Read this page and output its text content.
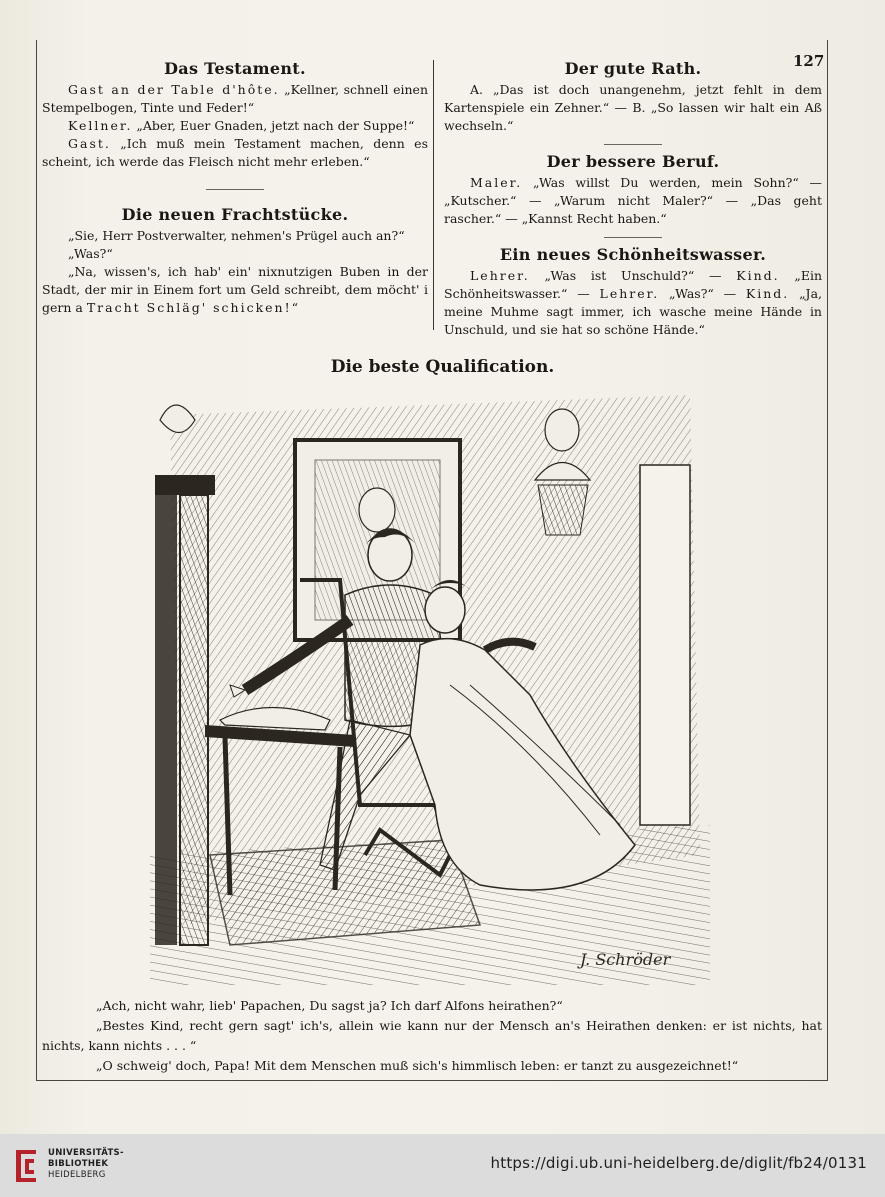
127
Das Testament.

Gast an der Table d'hôte. „Kellner, schnell einen Stempelbogen, Tinte und Feder!“

Kellner. „Aber, Euer Gnaden, jetzt nach der Suppe!“

Gast. „Ich muß mein Testament machen, denn es scheint, ich werde das Fleisch nicht mehr erleben.“

Die neuen Frachtstücke.

„Sie, Herr Postverwalter, nehmen's Prügel auch an?“

„Was?“

„Na, wissen's, ich hab' ein' nixnutzigen Buben in der Stadt, der mir in Einem fort um Geld schreibt, dem möcht' i gern a Tracht Schläg' schicken!“

Der gute Rath.

A. „Das ist doch unangenehm, jetzt fehlt in dem Kartenspiele ein Zehner.“ — B. „So lassen wir halt ein Aß wechseln.“

Der bessere Beruf.

Maler. „Was willst Du werden, mein Sohn?“ — „Kutscher.“ — „Warum nicht Maler?“ — „Das geht rascher.“ — „Kannst Recht haben.“

Ein neues Schönheitswasser.

Lehrer. „Was ist Unschuld?“ — Kind. „Ein Schönheitswasser.“ — Lehrer. „Was?“ — Kind. „Ja, meine Muhme sagt immer, ich wasche meine Hände in Unschuld, und sie hat so schöne Hände.“

Die beste Qualification.
J. Schröder

„Ach, nicht wahr, lieb' Papachen, Du sagst ja? Ich darf Alfons heirathen?“

„Bestes Kind, recht gern sagt' ich's, allein wie kann nur der Mensch an's Heirathen denken: er ist nichts, hat nichts, kann nichts . . . “

„O schweig' doch, Papa! Mit dem Menschen muß sich's himmlisch leben: er tanzt zu ausgezeichnet!“

UNIVERSITÄTS-
BIBLIOTHEK
HEIDELBERG
https://digi.ub.uni-heidelberg.de/diglit/fb24/0131
